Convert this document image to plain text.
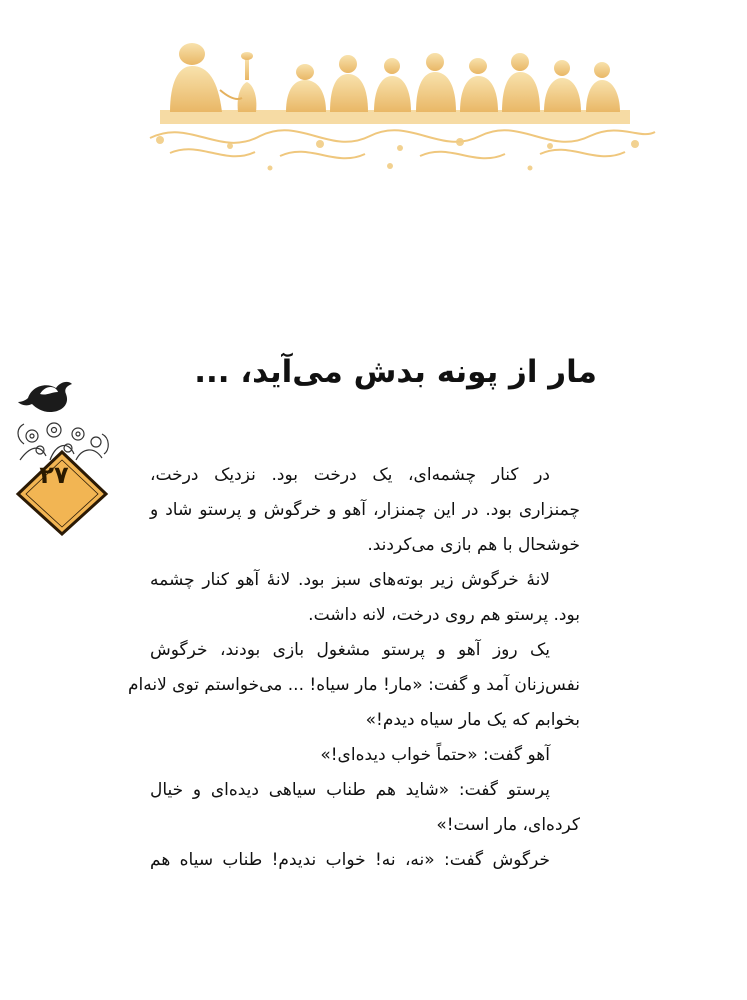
مار از پونه بدش می‌آید، ...
۲۷	در کنار چشمه‌ای، یک درخت بود. نزدیک درخت،
چمنزاری بود. در این چمنزار، آهو و خرگوش و پرستو شاد و
خوشحال با هم بازی می‌کردند.
لانۀ خرگوش زیر بوته‌های سبز بود. لانۀ آهو کنار چشمه
بود. پرستو هم روی درخت، لانه داشت.
یک روز آهو و پرستو مشغول بازی بودند، خرگوش
نفس‌زنان آمد و گفت: «مار! مار سیاه! ... می‌خواستم توی لانه‌ام
بخوابم که یک مار سیاه دیدم!»
آهو گفت: «حتماً خواب دیده‌ای!»
پرستو گفت: «شاید هم طناب سیاهی دیده‌ای و خیال
کرده‌ای، مار است!»
خرگوش گفت: «نه، نه! خواب ندیدم! طناب سیاه هم
